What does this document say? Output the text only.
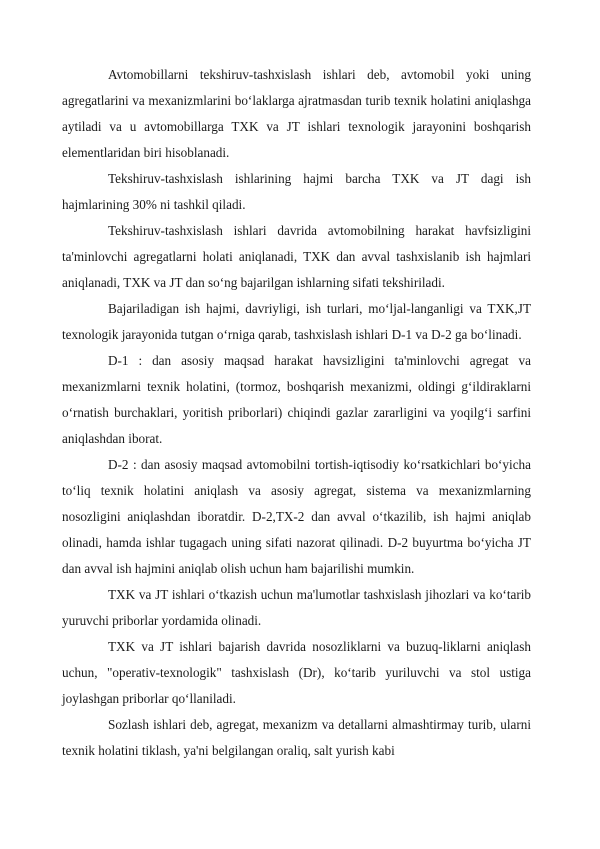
Avtomobillarni tekshiruv-tashxislash ishlari deb, avtomobil yoki uning agregatlarini va mexanizmlarini bo‘laklarga ajratmasdan turib texnik holatini aniqlashga aytiladi va u avtomobillarga TXK va JT ishlari texnologik jarayonini boshqarish elementlaridan biri hisoblanadi.

Tekshiruv-tashxislash ishlarining hajmi barcha TXK va JT dagi ish hajmlarining 30% ni tashkil qiladi.

Tekshiruv-tashxislash ishlari davrida avtomobilning harakat havfsizligini ta'minlovchi agregatlarni holati aniqlanadi, TXK dan avval tashxislanib ish hajmlari aniqlanadi, TXK va JT dan so‘ng bajarilgan ishlarning sifati tekshiriladi.

Bajariladigan ish hajmi, davriyligi, ish turlari, mo‘ljal-langanligi va TXK,JT texnologik jarayonida tutgan o‘rniga qarab, tashxislash ishlari D-1 va D-2 ga bo‘linadi.

D-1 : dan asosiy maqsad harakat havsizligini ta'minlovchi agregat va mexanizmlarni texnik holatini, (tormoz, boshqarish mexanizmi, oldingi g‘ildiraklarni o‘rnatish burchaklari, yoritish priborlari) chiqindi gazlar zararligini va yoqilg‘i sarfini aniqlashdan iborat.

D-2 : dan asosiy maqsad avtomobilni tortish-iqtisodiy ko‘rsatkichlari bo‘yicha to‘liq texnik holatini aniqlash va asosiy agregat, sistema va mexanizmlarning nosozligini aniqlashdan iboratdir. D-2,TX-2 dan avval o‘tkazilib, ish hajmi aniqlab olinadi, hamda ishlar tugagach uning sifati nazorat qilinadi. D-2 buyurtma bo‘yicha JT dan avval ish hajmini aniqlab olish uchun ham bajarilishi mumkin.

TXK va JT ishlari o‘tkazish uchun ma'lumotlar tashxislash jihozlari va ko‘tarib yuruvchi priborlar yordamida olinadi.

TXK va JT ishlari bajarish davrida nosozliklarni va buzuq-liklarni aniqlash uchun, "operativ-texnologik" tashxislash (Dr), ko‘tarib yuriluvchi va stol ustiga joylashgan priborlar qo‘llaniladi.

Sozlash ishlari deb, agregat, mexanizm va detallarni almashtirmay turib, ularni texnik holatini tiklash, ya'ni belgilangan oraliq, salt yurish kabi
